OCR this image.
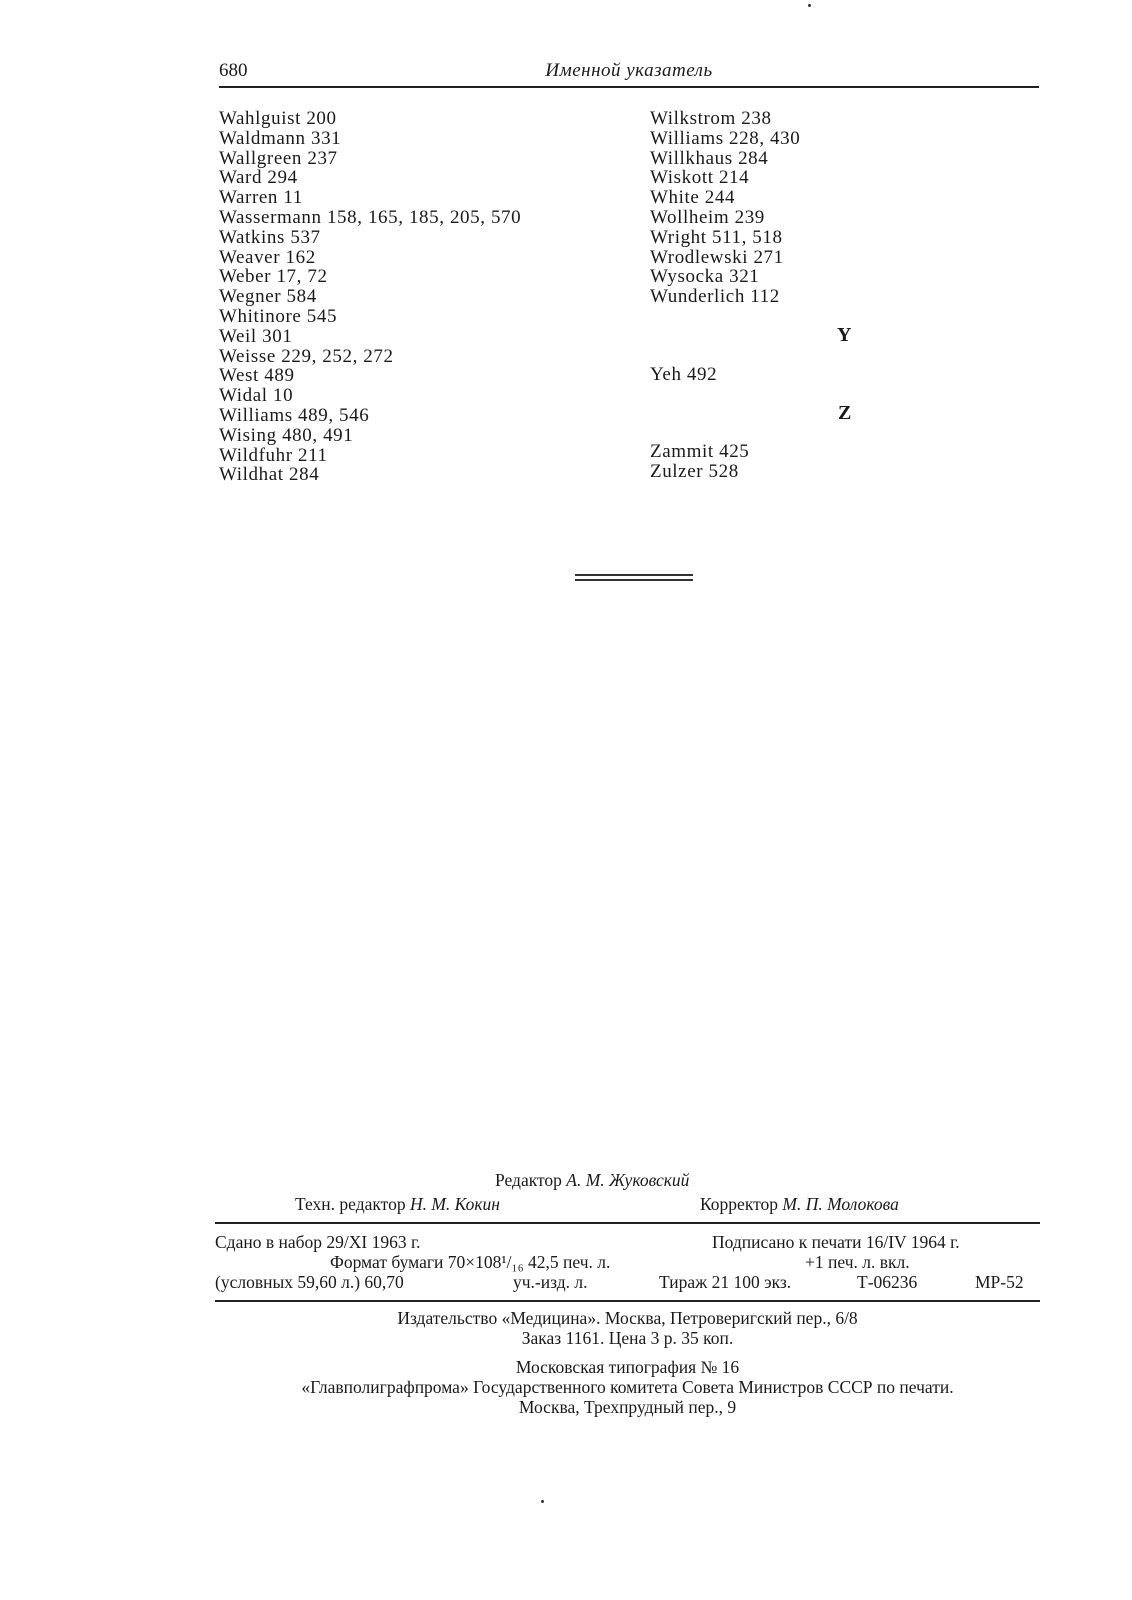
680	Именной указатель
Wahlguist 200
Waldmann 331
Wallgreen 237
Ward 294
Warren 11
Wassermann 158, 165, 185, 205, 570
Watkins 537
Weaver 162
Weber 17, 72
Wegner 584
Whitinore 545
Weil 301
Weisse 229, 252, 272
West 489
Widal 10
Williams 489, 546
Wising 480, 491
Wildfuhr 211
Wildhat 284
Wilkstrom 238
Williams 228, 430
Willkhaus 284
Wiskott 214
White 244
Wollheim 239
Wright 511, 518
Wrodlewski 271
Wysocka 321
Wunderlich 112
Y
Yeh 492
Z
Zammit 425
Zulzer 528
Редактор А. М. Жуковский
Техн. редактор Н. М. Кокин	Корректор М. П. Молокова
Сдано в набор 29/XI 1963 г.	Подписано к печати 16/IV 1964 г.
Формат бумаги 70×108¹/₁₆ 42,5 печ. л.	+1 печ. л. вкл.
(условных 59,60 л.) 60,70	уч.-изд. л.	Тираж 21 100 экз.	Т-06236	МР-52
Издательство «Медицина». Москва, Петроверигский пер., 6/8
Заказ 1161. Цена 3 р. 35 коп.
Московская типография № 16
«Главполиграфпрома» Государственного комитета Совета Министров СССР по печати.
Москва, Трехпрудный пер., 9
